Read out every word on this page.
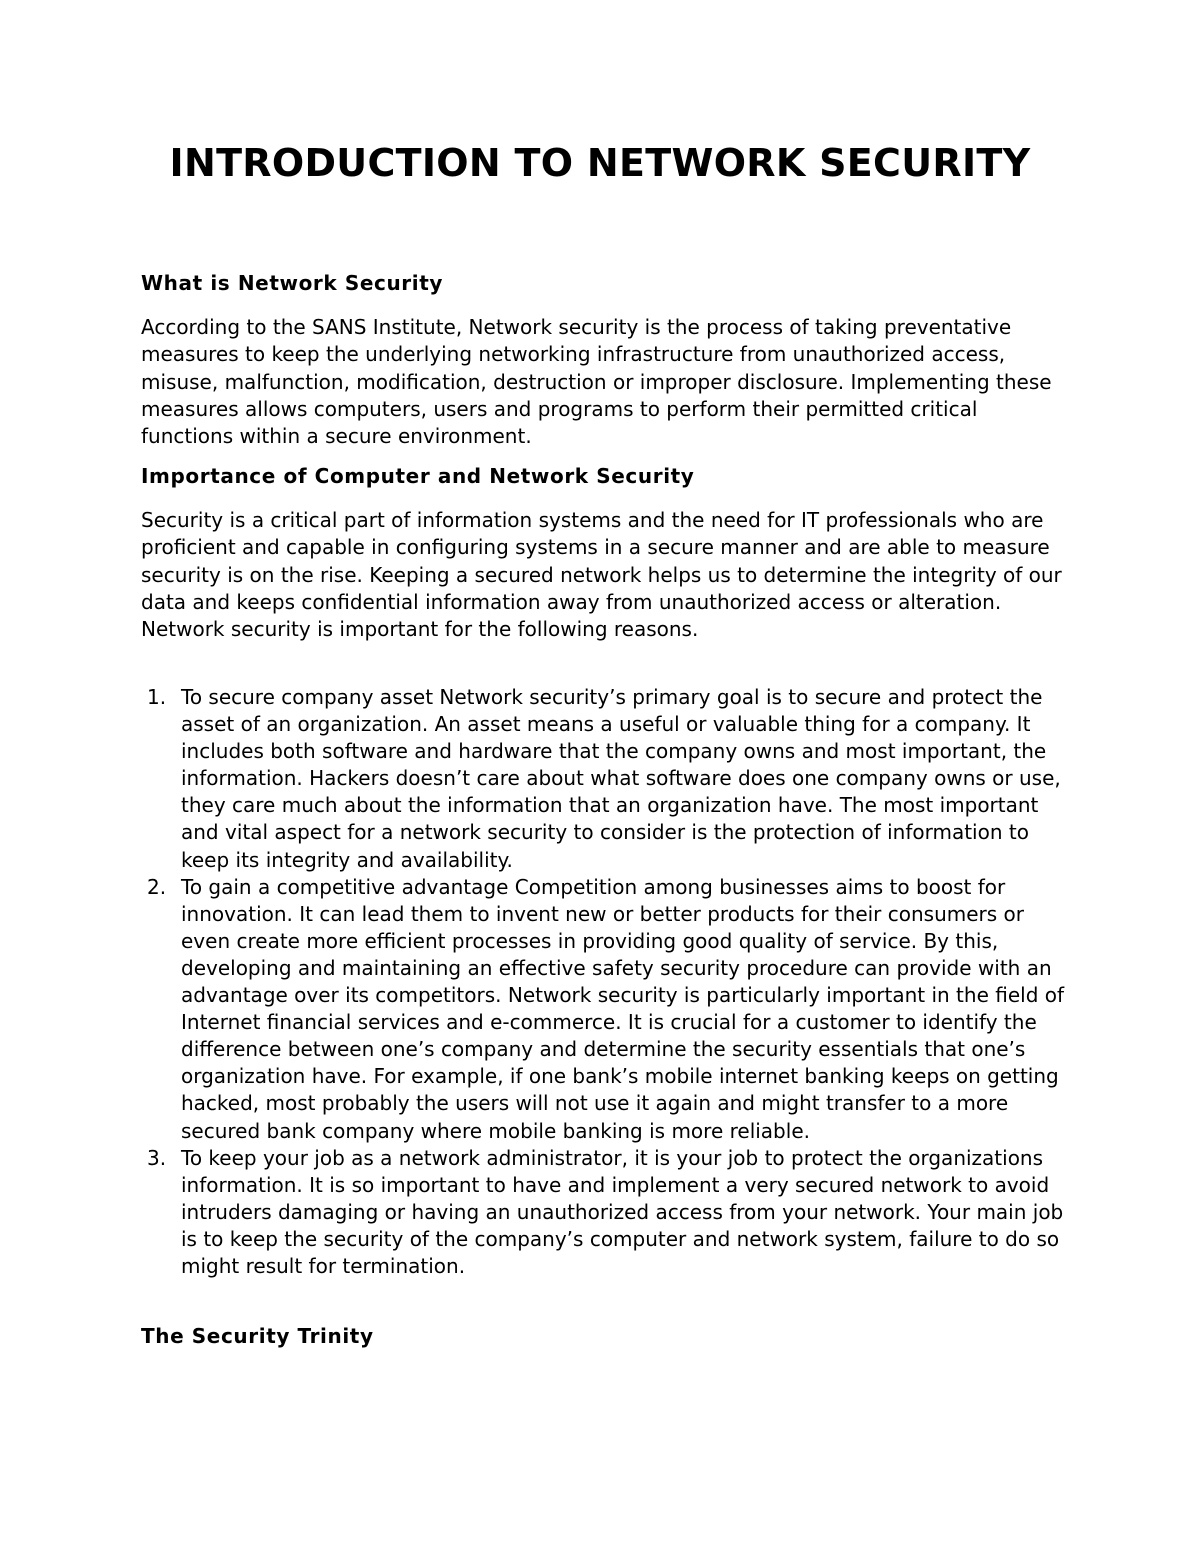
INTRODUCTION TO NETWORK SECURITY
What is Network Security

According to the SANS Institute, Network security is the process of taking preventative measures to keep the underlying networking infrastructure from unauthorized access, misuse, malfunction, modification, destruction or improper disclosure. Implementing these measures allows computers, users and programs to perform their permitted critical functions within a secure environment.

Importance of Computer and Network Security

Security is a critical part of information systems and the need for IT professionals who are proficient and capable in configuring systems in a secure manner and are able to measure security is on the rise. Keeping a secured network helps us to determine the integrity of our data and keeps confidential information away from unauthorized access or alteration. Network security is important for the following reasons.

1. To secure company asset Network security’s primary goal is to secure and protect the asset of an organization. An asset means a useful or valuable thing for a company. It includes both software and hardware that the company owns and most important, the information. Hackers doesn’t care about what software does one company owns or use, they care much about the information that an organization have. The most important and vital aspect for a network security to consider is the protection of information to keep its integrity and availability.
2. To gain a competitive advantage Competition among businesses aims to boost for innovation. It can lead them to invent new or better products for their consumers or even create more efficient processes in providing good quality of service. By this, developing and maintaining an effective safety security procedure can provide with an advantage over its competitors. Network security is particularly important in the field of Internet financial services and e-commerce. It is crucial for a customer to identify the difference between one’s company and determine the security essentials that one’s organization have. For example, if one bank’s mobile internet banking keeps on getting hacked, most probably the users will not use it again and might transfer to a more secured bank company where mobile banking is more reliable.
3. To keep your job as a network administrator, it is your job to protect the organizations information. It is so important to have and implement a very secured network to avoid intruders damaging or having an unauthorized access from your network. Your main job is to keep the security of the company’s computer and network system, failure to do so might result for termination.
The Security Trinity
